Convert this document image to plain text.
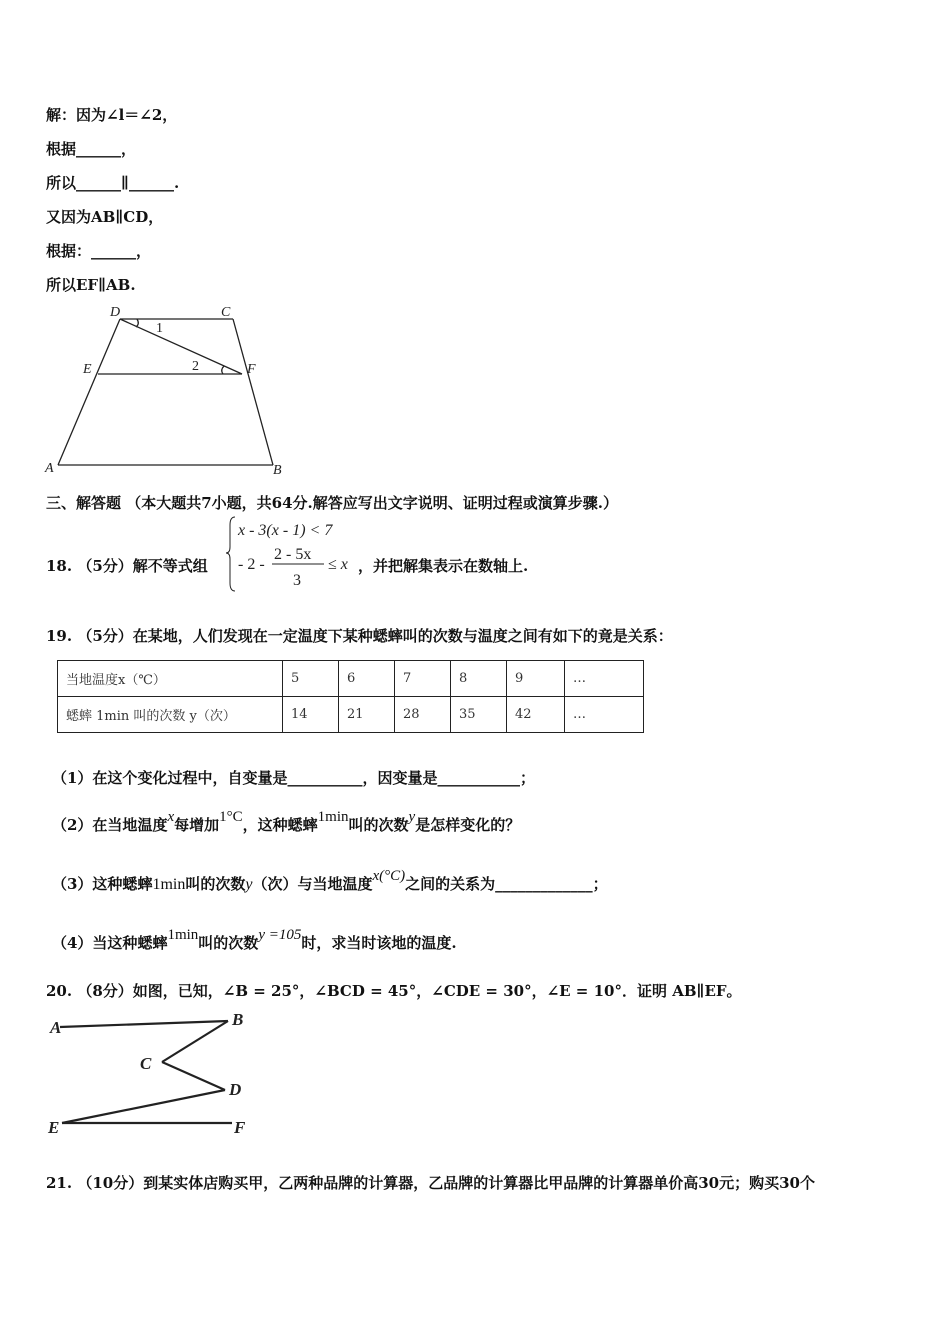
解：因为∠l＝∠2，
根据______，
所以______∥______.
又因为AB∥CD，
根据：______，
所以EF∥AB.
D	C
E	F
A	B
1
2
三、解答题 （本大题共7小题，共64分.解答应写出文字说明、证明过程或演算步骤.）
18. （5分）解不等式组
x - 3(x - 1) < 7
- 2 -
2 - 5x
3
≤ x ，并把解集表示在数轴上.
19. （5分）在某地，人们发现在一定温度下某种蟋蟀叫的次数与温度之间有如下的竟是关系：
当地温度x（℃）	5	6	7	8	9	…
蟋蟀 1min 叫的次数 y（次）	14	21	28	35	42	…
（1）在这个变化过程中，自变量是__________，因变量是___________；
（2）在当地温度x每增加1°C，这种蟋蟀1min叫的次数y是怎样变化的？
（3）这种蟋蟀1min叫的次数y（次）与当地温度x(°C)之间的关系为_____________；
（4）当这种蟋蟀1min叫的次数y =105时，求当时该地的温度.
20. （8分）如图，已知，∠B = 25°，∠BCD = 45°，∠CDE = 30°，∠E = 10°．证明 AB∥EF。
A	B
C
D
E	F
21. （10分）到某实体店购买甲，乙两种品牌的计算器，乙品牌的计算器比甲品牌的计算器单价高30元；购买30个
